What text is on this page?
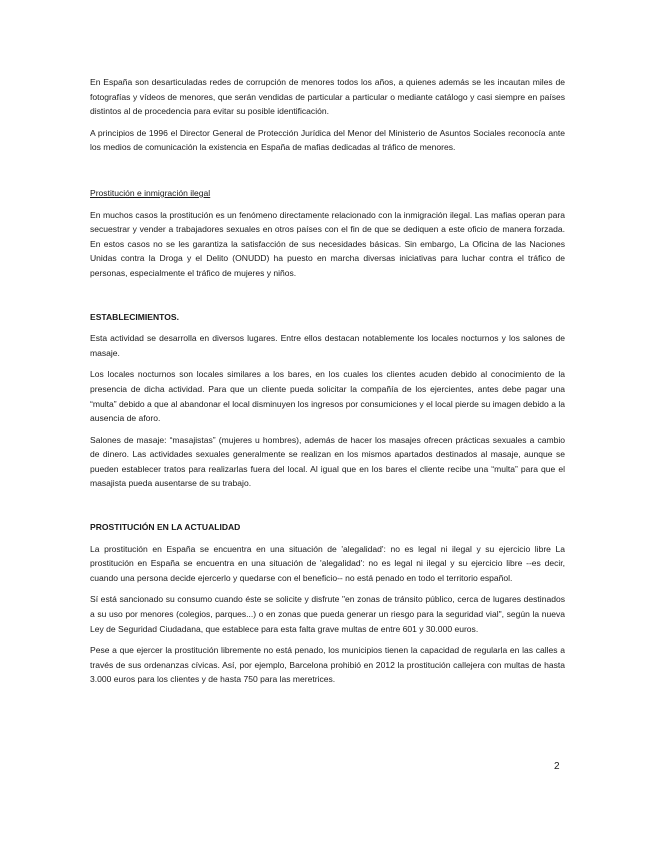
En España son desarticuladas redes de corrupción de menores todos los años, a quienes además se les incautan miles de fotografías y vídeos de menores, que serán vendidas de particular a particular o mediante catálogo y casi siempre en países distintos al de procedencia para evitar su posible identificación.

A principios de 1996 el Director General de Protección Jurídica del Menor del Ministerio de Asuntos Sociales reconocía ante los medios de comunicación la existencia en España de mafias dedicadas al tráfico de menores.

Prostitución e inmigración ilegal

En muchos casos la prostitución es un fenómeno directamente relacionado con la inmigración ilegal. Las mafias operan para secuestrar y vender a trabajadores sexuales en otros países con el fin de que se dediquen a este oficio de manera forzada. En estos casos no se les garantiza la satisfacción de sus necesidades básicas. Sin embargo, La Oficina de las Naciones Unidas contra la Droga y el Delito (ONUDD) ha puesto en marcha diversas iniciativas para luchar contra el tráfico de personas, especialmente el tráfico de mujeres y niños.

ESTABLECIMIENTOS.

Esta actividad se desarrolla en diversos lugares. Entre ellos destacan notablemente los locales nocturnos y los salones de masaje.

Los locales nocturnos son locales similares a los bares, en los cuales los clientes acuden debido al conocimiento de la presencia de dicha actividad. Para que un cliente pueda solicitar la compañía de los ejercientes, antes debe pagar una “multa” debido a que al abandonar el local disminuyen los ingresos por consumiciones y el local pierde su imagen debido a la ausencia de aforo.

Salones de masaje: “masajistas” (mujeres u hombres), además de hacer los masajes ofrecen prácticas sexuales a cambio de dinero. Las actividades sexuales generalmente se realizan en los mismos apartados destinados al masaje, aunque se pueden establecer tratos para realizarlas fuera del local. Al igual que en los bares el cliente recibe una “multa” para que el masajista pueda ausentarse de su trabajo.

PROSTITUCIÓN EN LA ACTUALIDAD

La prostitución en España se encuentra en una situación de 'alegalidad': no es legal ni ilegal y su ejercicio libre La prostitución en España se encuentra en una situación de 'alegalidad': no es legal ni ilegal y su ejercicio libre --es decir, cuando una persona decide ejercerlo y quedarse con el beneficio-- no está penado en todo el territorio español.

Sí está sancionado su consumo cuando éste se solicite y disfrute "en zonas de tránsito público, cerca de lugares destinados a su uso por menores (colegios, parques...) o en zonas que pueda generar un riesgo para la seguridad vial", según la nueva Ley de Seguridad Ciudadana, que establece para esta falta grave multas de entre 601 y 30.000 euros.

Pese a que ejercer la prostitución libremente no está penado, los municipios tienen la capacidad de regularla en las calles a través de sus ordenanzas cívicas. Así, por ejemplo, Barcelona prohibió en 2012 la prostitución callejera con multas de hasta 3.000 euros para los clientes y de hasta 750 para las meretrices.

2
